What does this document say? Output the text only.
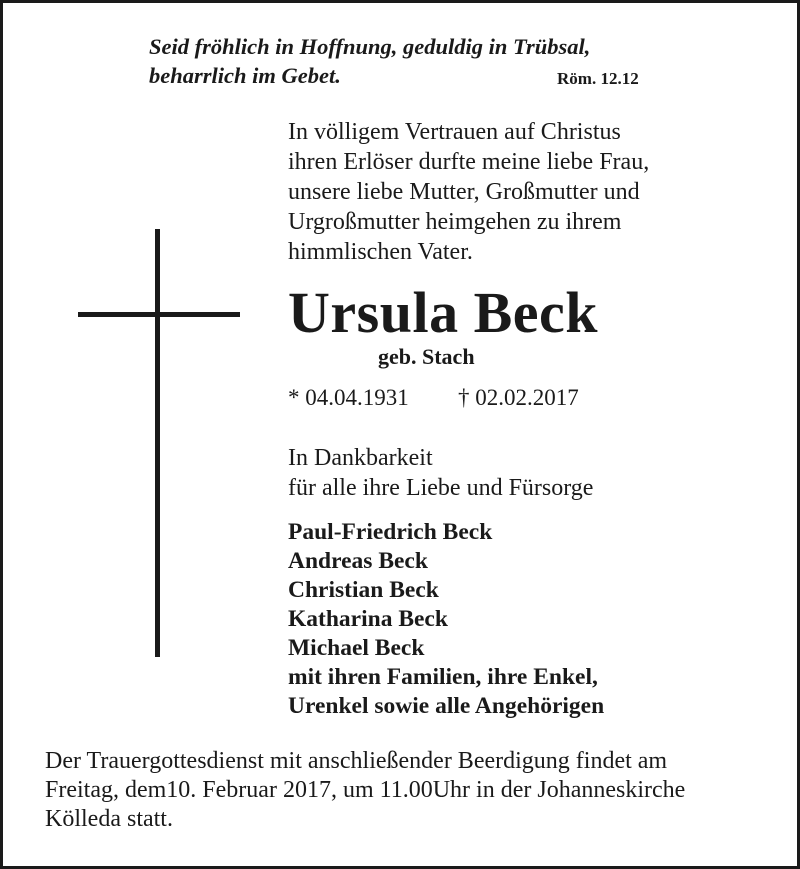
Seid fröhlich in Hoffnung, geduldig in Trübsal,
beharrlich im Gebet.	Röm. 12.12
In völligem Vertrauen auf Christus
ihren Erlöser durfte meine liebe Frau,
unsere liebe Mutter, Großmutter und
Urgroßmutter heimgehen zu ihrem
himmlischen Vater.
Ursula Beck
geb. Stach
* 04.04.1931 † 02.02.2017
In Dankbarkeit
für alle ihre Liebe und Fürsorge
Paul-Friedrich Beck
Andreas Beck
Christian Beck
Katharina Beck
Michael Beck
mit ihren Familien, ihre Enkel,
Urenkel sowie alle Angehörigen
Der Trauergottesdienst mit anschließender Beerdigung findet am
Freitag, dem10. Februar 2017, um 11.00Uhr in der Johanneskirche
Kölleda statt.
